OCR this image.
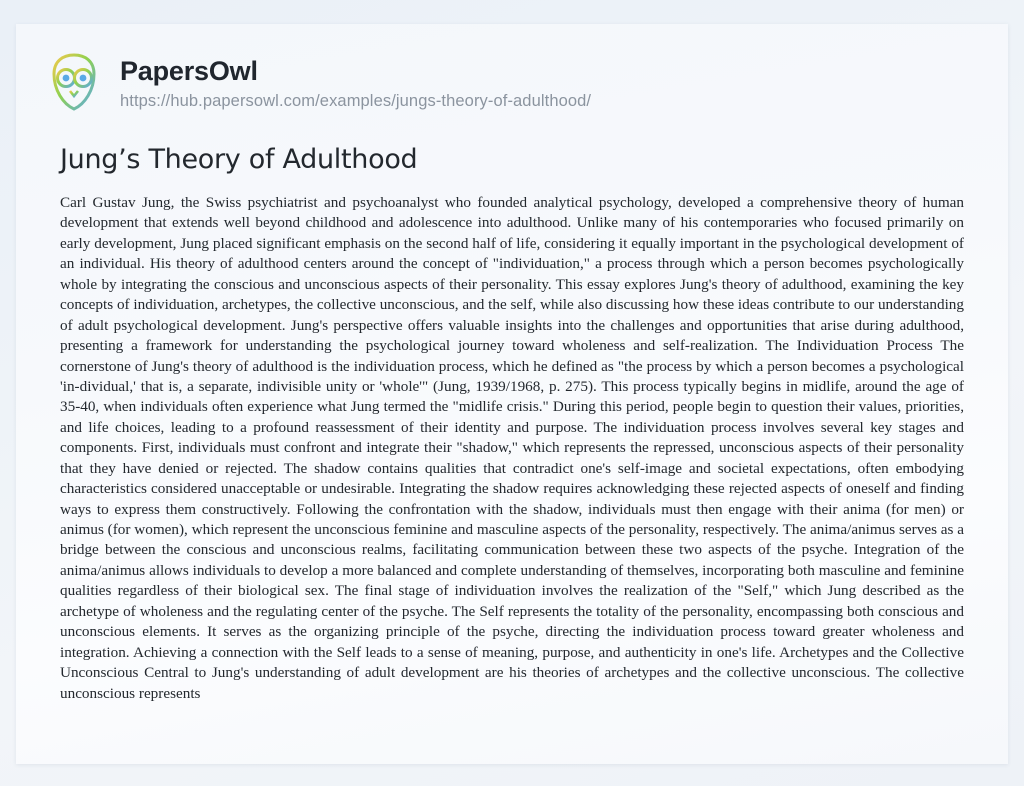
PapersOwl
https://hub.papersowl.com/examples/jungs-theory-of-adulthood/
Jung’s Theory of Adulthood

Carl Gustav Jung, the Swiss psychiatrist and psychoanalyst who founded analytical psychology, developed a comprehensive theory of human development that extends well beyond childhood and adolescence into adulthood. Unlike many of his contemporaries who focused primarily on early development, Jung placed significant emphasis on the second half of life, considering it equally important in the psychological development of an individual. His theory of adulthood centers around the concept of "individuation," a process through which a person becomes psychologically whole by integrating the conscious and unconscious aspects of their personality. This essay explores Jung's theory of adulthood, examining the key concepts of individuation, archetypes, the collective unconscious, and the self, while also discussing how these ideas contribute to our understanding of adult psychological development. Jung's perspective offers valuable insights into the challenges and opportunities that arise during adulthood, presenting a framework for understanding the psychological journey toward wholeness and self-realization. The Individuation Process The cornerstone of Jung's theory of adulthood is the individuation process, which he defined as "the process by which a person becomes a psychological 'in-dividual,' that is, a separate, indivisible unity or 'whole'" (Jung, 1939/1968, p. 275). This process typically begins in midlife, around the age of 35-40, when individuals often experience what Jung termed the "midlife crisis." During this period, people begin to question their values, priorities, and life choices, leading to a profound reassessment of their identity and purpose. The individuation process involves several key stages and components. First, individuals must confront and integrate their "shadow," which represents the repressed, unconscious aspects of their personality that they have denied or rejected. The shadow contains qualities that contradict one's self-image and societal expectations, often embodying characteristics considered unacceptable or undesirable. Integrating the shadow requires acknowledging these rejected aspects of oneself and finding ways to express them constructively. Following the confrontation with the shadow, individuals must then engage with their anima (for men) or animus (for women), which represent the unconscious feminine and masculine aspects of the personality, respectively. The anima/animus serves as a bridge between the conscious and unconscious realms, facilitating communication between these two aspects of the psyche. Integration of the anima/animus allows individuals to develop a more balanced and complete understanding of themselves, incorporating both masculine and feminine qualities regardless of their biological sex. The final stage of individuation involves the realization of the "Self," which Jung described as the archetype of wholeness and the regulating center of the psyche. The Self represents the totality of the personality, encompassing both conscious and unconscious elements. It serves as the organizing principle of the psyche, directing the individuation process toward greater wholeness and integration. Achieving a connection with the Self leads to a sense of meaning, purpose, and authenticity in one's life. Archetypes and the Collective Unconscious Central to Jung's understanding of adult development are his theories of archetypes and the collective unconscious. The collective unconscious represents
